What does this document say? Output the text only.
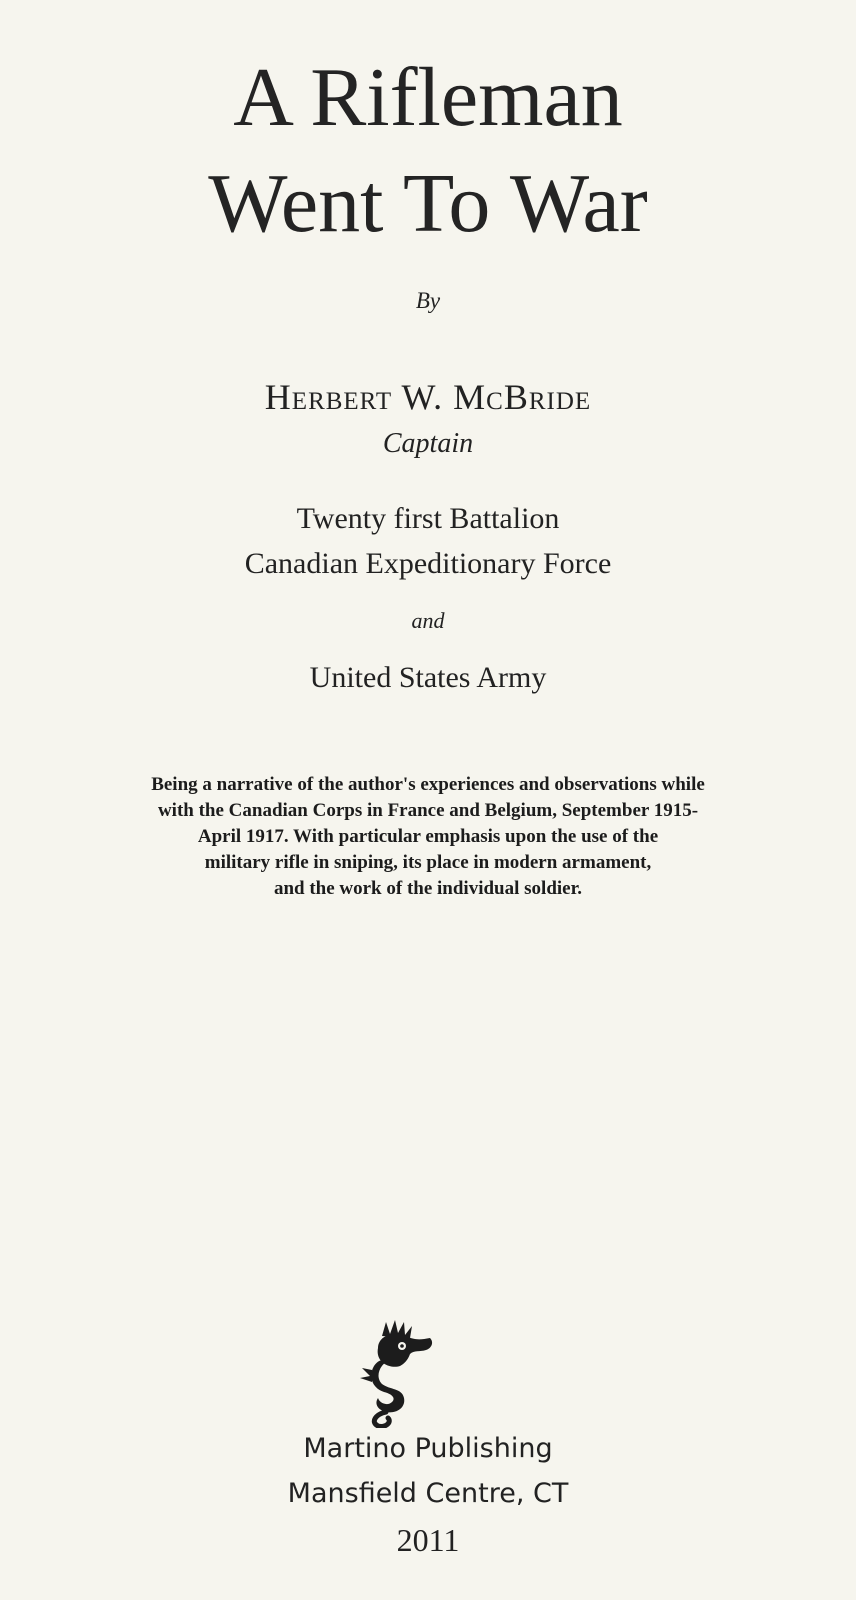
A Rifleman
Went To War
By
Herbert W. McBride
Captain
Twenty first Battalion
Canadian Expeditionary Force
and
United States Army
Being a narrative of the author's experiences and observations while
with the Canadian Corps in France and Belgium, September 1915-
April 1917. With particular emphasis upon the use of the
military rifle in sniping, its place in modern armament,
and the work of the individual soldier.
Martino Publishing
Mansfield Centre, CT
2011
